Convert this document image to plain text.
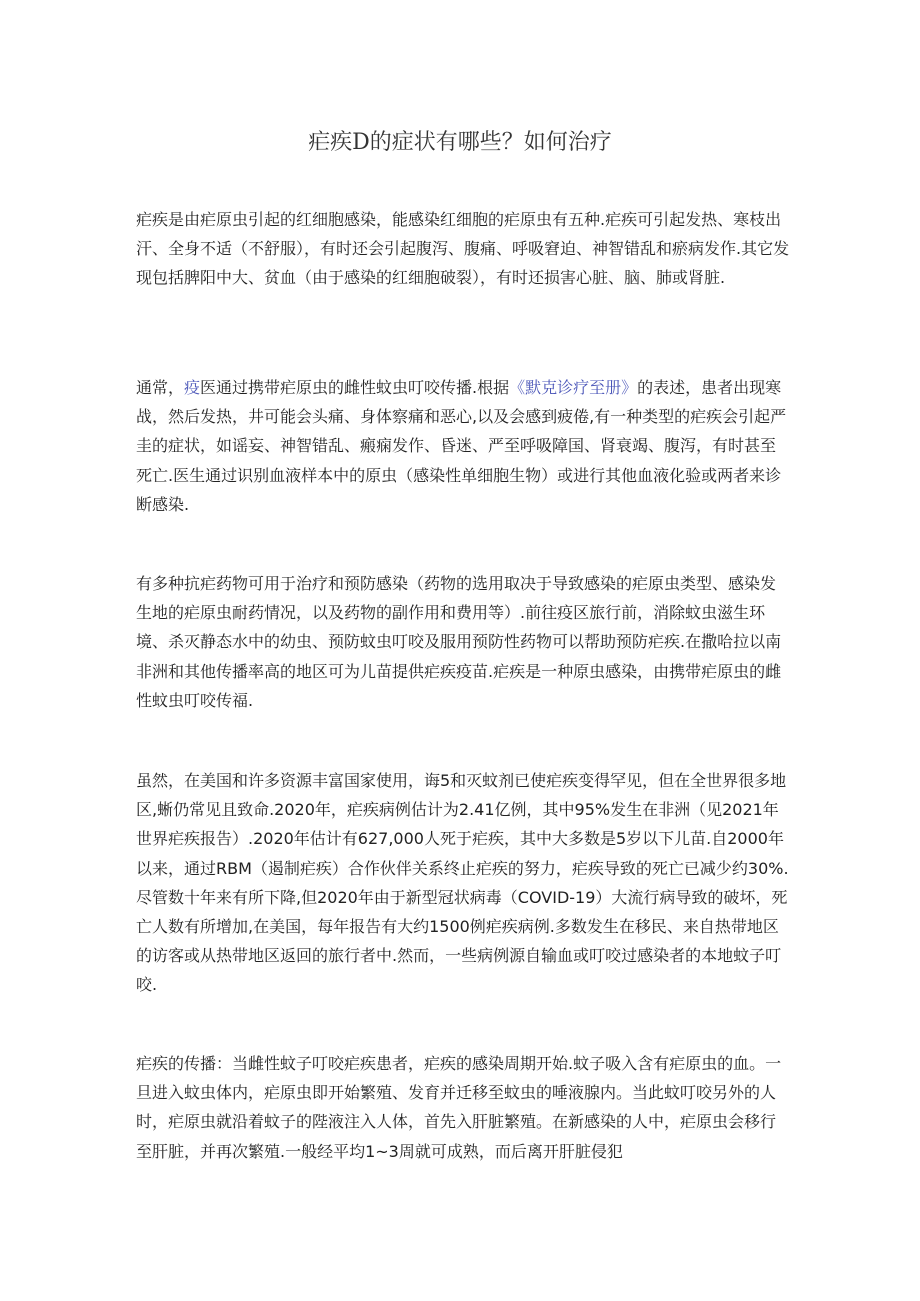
疟疾D的症状有哪些？如何治疗

疟疾是由疟原虫引起的红细胞感染，能感染红细胞的疟原虫有五种.疟疾可引起发热、寒枝出汗、全身不适（不舒服），有时还会引起腹泻、腹痛、呼吸窘迫、神智错乱和瘀病发作.其它发现包括脾阳中大、贫血（由于感染的红细胞破裂），有时还损害心脏、脑、肺或肾脏.

通常，疫医通过携带疟原虫的雌性蚊虫叮咬传播.根据《默克诊疗至册》的表述，患者出现寒战，然后发热，井可能会头痛、身体察痛和恶心,以及会感到疲倦,有一种类型的疟疾会引起严圭的症状，如谣妄、神智错乱、瘢痫发作、昏迷、严至呼吸障国、肾衰竭、腹泻，有时甚至死亡.医生通过识别血液样本中的原虫（感染性单细胞生物）或进行其他血液化验或两者来诊断感染.

有多种抗疟药物可用于治疗和预防感染（药物的选用取决于导致感染的疟原虫类型、感染发生地的疟原虫耐药情况，以及药物的副作用和费用等）.前往疫区旅行前，消除蚊虫滋生环境、杀灭静态水中的幼虫、预防蚊虫叮咬及服用预防性药物可以帮助预防疟疾.在撒哈拉以南非洲和其他传播率高的地区可为儿苗提供疟疾疫苗.疟疾是一种原虫感染，由携带疟原虫的雌性蚊虫叮咬传福.

虽然，在美国和许多资源丰富国家使用，诲5和灭蚊剂已使疟疾变得罕见，但在全世界很多地区,蜥仍常见且致命.2020年，疟疾病例估计为2.41亿例，其中95%发生在非洲（见2021年世界疟疾报告）.2020年估计有627,000人死于疟疾，其中大多数是5岁以下儿苗.自2000年以来，通过RBM（遏制疟疾）合作伙伴关系终止疟疾的努力，疟疾导致的死亡已减少约30%.尽管数十年来有所下降,但2020年由于新型冠状病毒（COVID-19）大流行病导致的破坏，死亡人数有所增加,在美国，每年报告有大约1500例疟疾病例.多数发生在移民、来自热带地区的访客或从热带地区返回的旅行者中.然而，一些病例源自输血或叮咬过感染者的本地蚊子叮咬.

疟疾的传播：当雌性蚊子叮咬疟疾患者，疟疾的感染周期开始.蚊子吸入含有疟原虫的血。一旦进入蚊虫体内，疟原虫即开始繁殖、发育并迁移至蚊虫的唾液腺内。当此蚊叮咬另外的人时，疟原虫就沿着蚊子的陛液注入人体，首先入肝脏繁殖。在新感染的人中，疟原虫会移行至肝脏，并再次繁殖.一般经平均1~3周就可成熟，而后离开肝脏侵犯
